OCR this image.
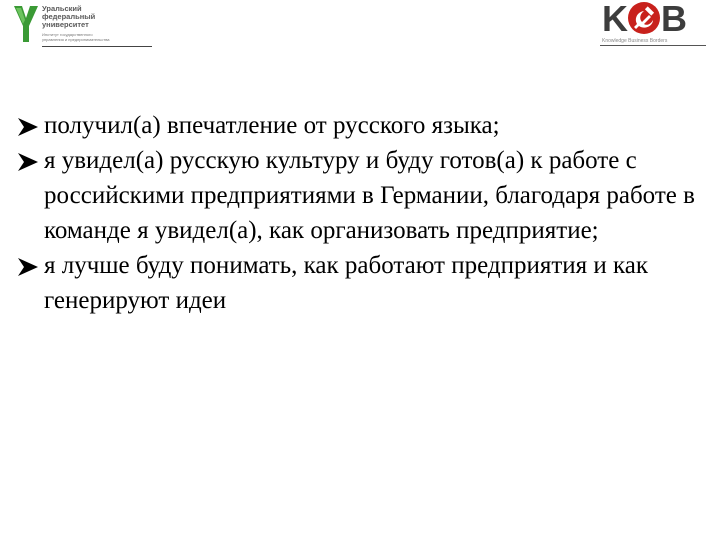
Уральский
федеральный
университет
Институт государственного
управления и предпринимательства
K B
Knowledge Business Borders
получил(а) впечатление от русского языка;
я увидел(а) русскую культуру и буду готов(а) к работе с российскими предприятиями в Германии, благодаря работе в команде я увидел(а), как организовать предприятие;
я лучше буду понимать, как работают предприятия и как генерируют идеи
